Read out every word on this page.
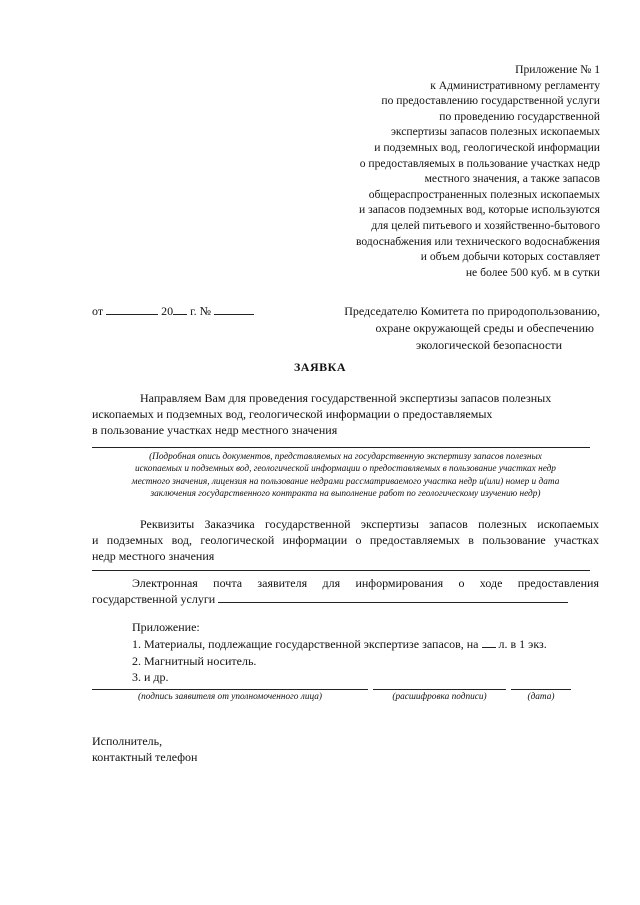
Приложение № 1
к Административному регламенту
по предоставлению государственной услуги
по проведению государственной
экспертизы запасов полезных ископаемых
и подземных вод, геологической информации
о предоставляемых в пользование участках недр
местного значения, а также запасов
общераспространенных полезных ископаемых
и запасов подземных вод, которые используются
для целей питьевого и хозяйственно-бытового
водоснабжения или технического водоснабжения
и объем добычи которых составляет
не более 500 куб. м в сутки
от	20 г. №	Председателю Комитета по природопользованию,
охране окружающей среды и обеспечению
экологической безопасности
ЗАЯВКА
Направляем Вам для проведения государственной экспертизы запасов полезных
ископаемых и подземных вод, геологической информации о предоставляемых
в пользование участках недр местного значения
(Подробная опись документов, представляемых на государственную экспертизу запасов полезных
ископаемых и подземных вод, геологической информации о предоставляемых в пользование участках недр
местного значения, лицензия на пользование недрами рассматриваемого участка недр и(или) номер и дата
заключения государственного контракта на выполнение работ по геологическому изучению недр)
Реквизиты Заказчика государственной экспертизы запасов полезных ископаемых
и подземных вод, геологической информации о предоставляемых в пользование участках
недр местного значения
Электронная почта заявителя для информирования о ходе предоставления
государственной услуги
Приложение:
1. Материалы, подлежащие государственной экспертизе запасов, на л. в 1 экз.
2. Магнитный носитель.
3. и др.
(подпись заявителя от уполномоченного лица)	(расшифровка подписи)	(дата)
Исполнитель,
контактный телефон
